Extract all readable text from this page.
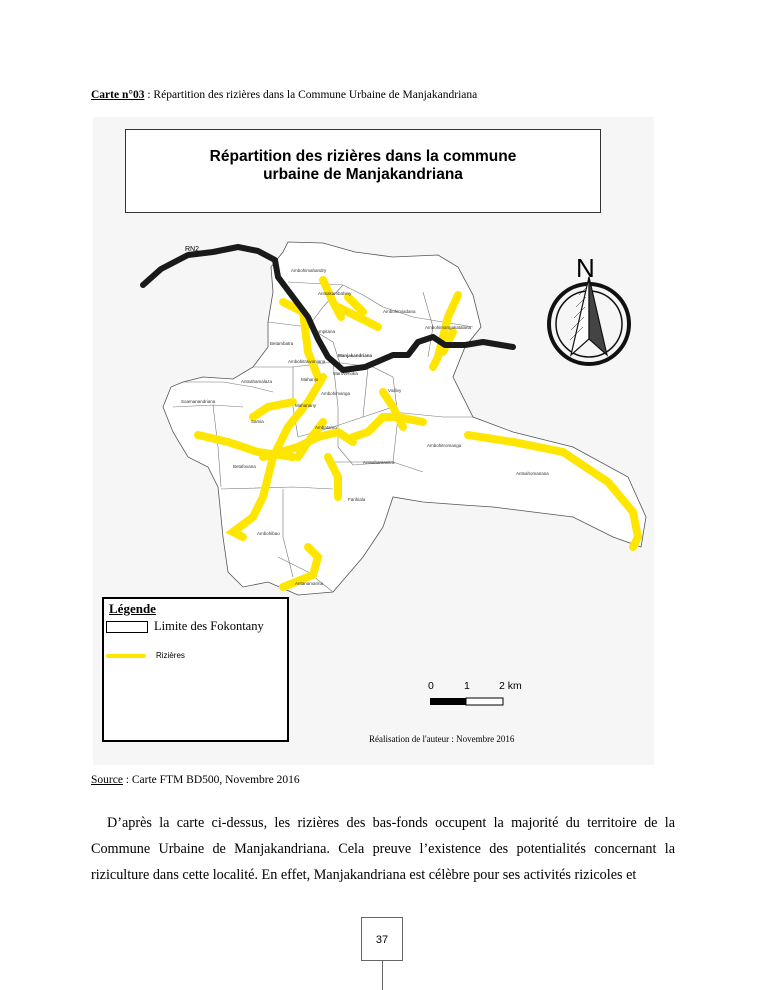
Carte n°03 : Répartition des rizières dans la Commune Urbaine de Manjakandriana
Ambohimahandry
Antsakambahiny
Ambohimiadana
Ambohimangakatalana
Ampitana
Betambatra
Manjakandriana
Ambohitraivoniana
Marovenoka
Mahanjo
Antsahamalaza
Soamanandriana
Ambohimanga
Vodivy
Mahanany
Ambohitromanga
Antsahomanana
Samia
Ambatamo
Antsahamanitra
Betafovana
Farihiala
Ambohibao
Antanamarina
RN2
N
Répartition des rizières dans la commune
urbaine de Manjakandriana
Légende
Limite des Fokontany
Rizières
0	1	2 km
Réalisation de l'auteur : Novembre 2016
Source : Carte FTM BD500, Novembre 2016
D’après la carte ci-dessus, les rizières des bas-fonds occupent la majorité du territoire de la Commune Urbaine de Manjakandriana. Cela preuve l’existence des potentialités concernant la riziculture dans cette localité. En effet, Manjakandriana est célèbre pour ses activités rizicoles et
37
